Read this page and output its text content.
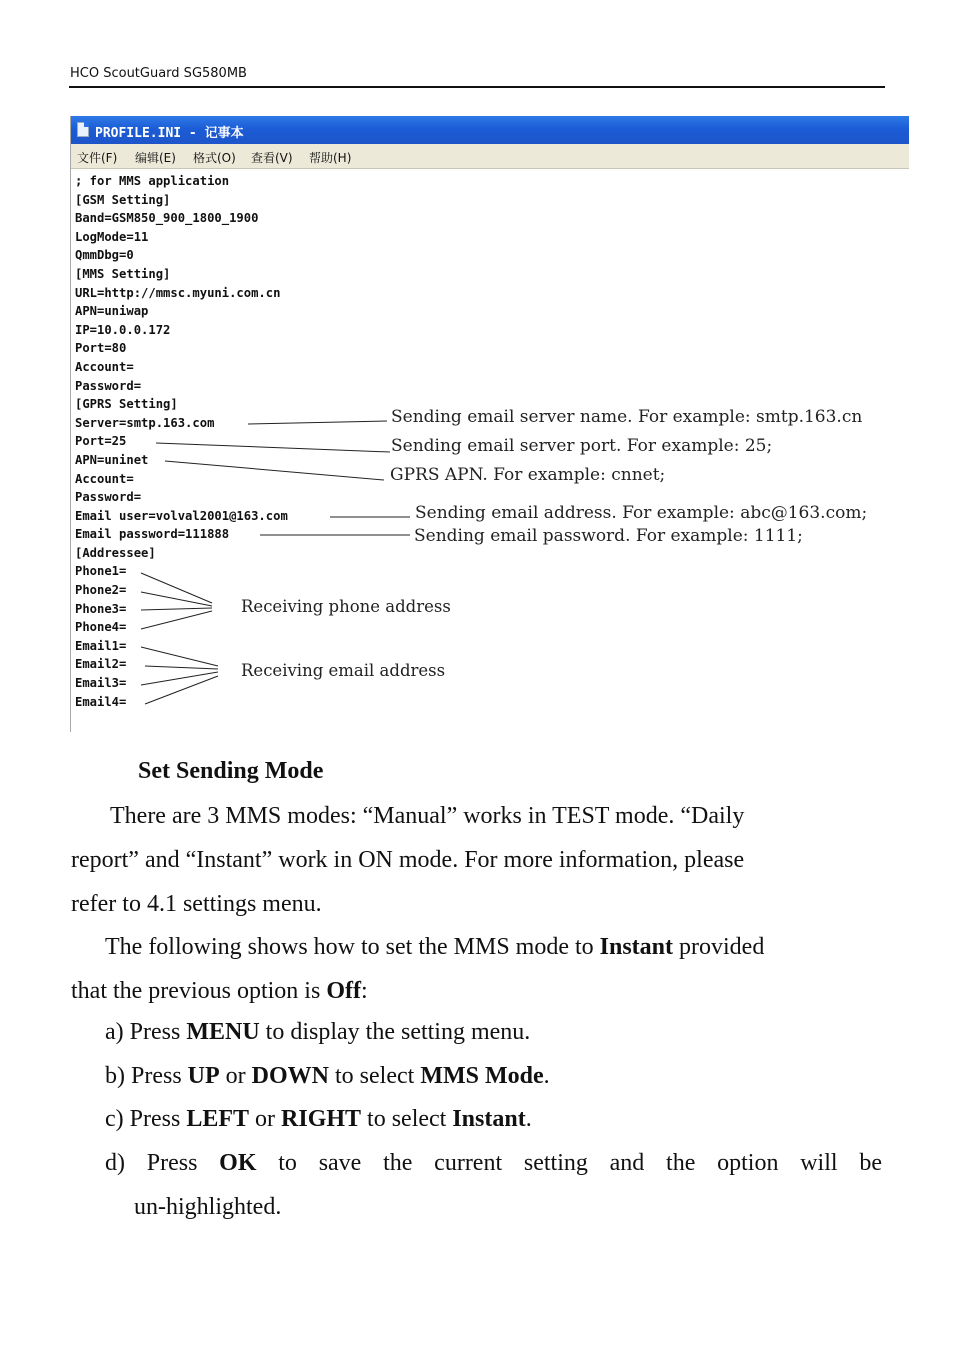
HCO ScoutGuard SG580MB
PROFILE.INI - 记事本
文件(F) 编辑(E) 格式(O) 查看(V) 帮助(H)
; for MMS application
[GSM Setting]
Band=GSM850_900_1800_1900
LogMode=11
QmmDbg=0
[MMS Setting]
URL=http://mmsc.myuni.com.cn
APN=uniwap
IP=10.0.0.172
Port=80
Account=
Password=
[GPRS Setting]
Server=smtp.163.com
Port=25
APN=uninet
Account=
Password=
Email user=volval2001@163.com
Email password=111888
[Addressee]
Phone1=
Phone2=
Phone3=
Phone4=
Email1=
Email2=
Email3=
Email4=
Sending email server name. For example: smtp.163.cn
Sending email server port. For example: 25;
GPRS APN. For example: cnnet;
Sending email address. For example: abc@163.com;
Sending email password. For example: 1111;
Receiving phone address
Receiving email address
Set Sending Mode
There are 3 MMS modes: “Manual” works in TEST mode. “Daily
report” and “Instant” work in ON mode. For more information, please
refer to 4.1 settings menu.
The following shows how to set the MMS mode to Instant provided
that the previous option is Off:
a) Press MENU to display the setting menu.
b) Press UP or DOWN to select MMS Mode.
c) Press LEFT or RIGHT to select Instant.
d) Press OK to save the current setting and the option will be
un-highlighted.
